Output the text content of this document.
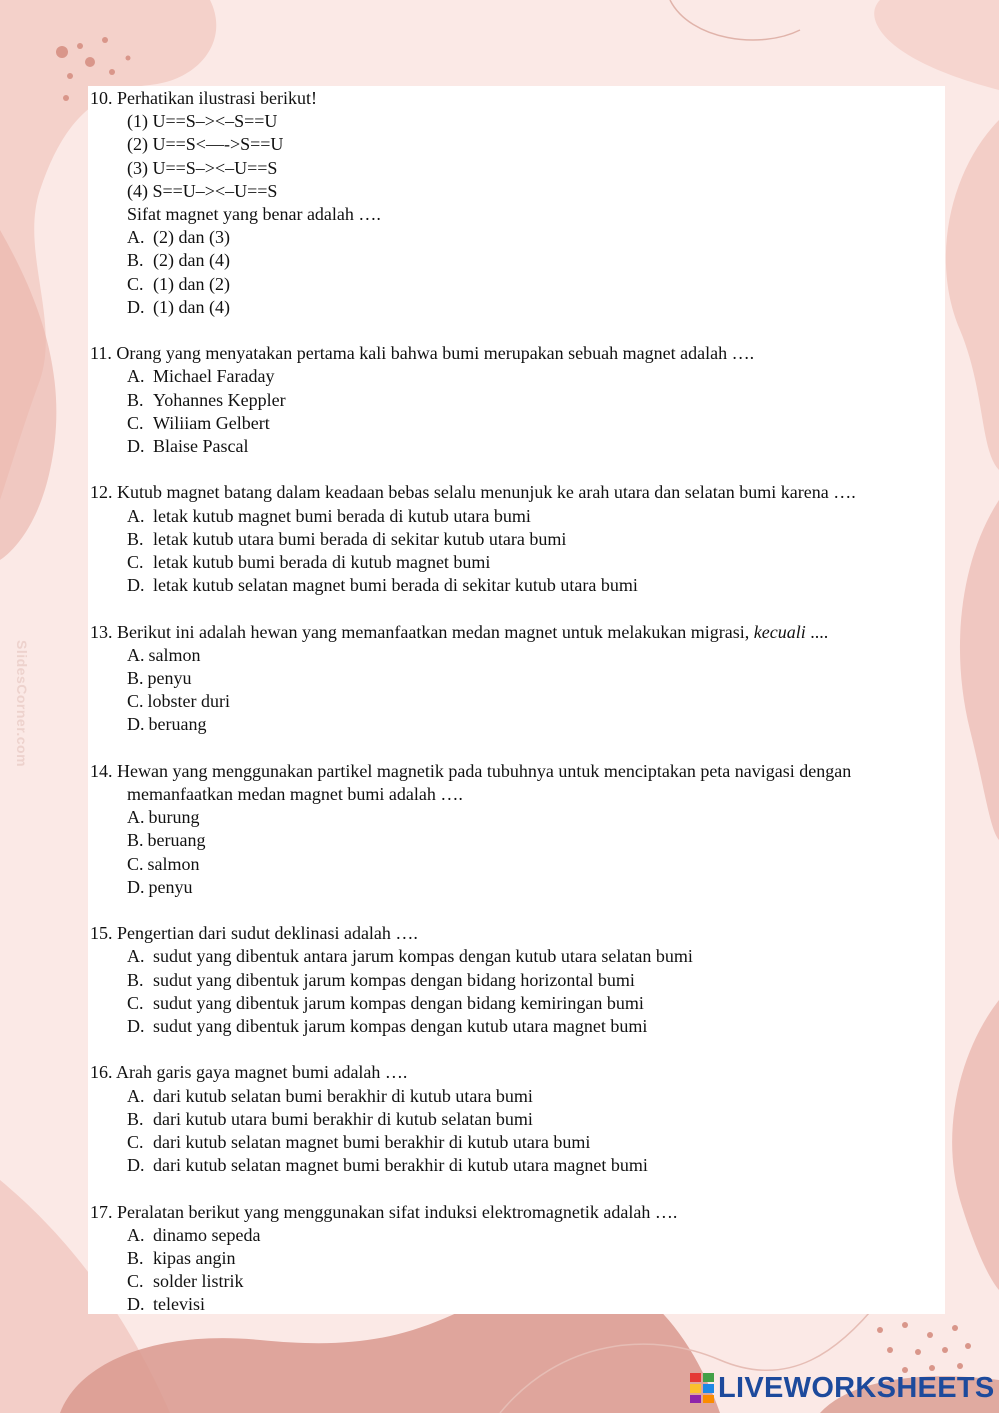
SlidesCorner.com
10. Perhatikan ilustrasi berikut!
(1) U==S–><–S==U
(2) U==S<—->S==U
(3) U==S–><–U==S
(4) S==U–><–U==S
Sifat magnet yang benar adalah ….
A. (2) dan (3)
B. (2) dan (4)
C. (1) dan (2)
D. (1) dan (4)
11. Orang yang menyatakan pertama kali bahwa bumi merupakan sebuah magnet adalah ….
A. Michael Faraday
B. Yohannes Keppler
C. Wiliiam Gelbert
D. Blaise Pascal
12. Kutub magnet batang dalam keadaan bebas selalu menunjuk ke arah utara dan selatan bumi karena ….
A. letak kutub magnet bumi berada di kutub utara bumi
B. letak kutub utara bumi berada di sekitar kutub utara bumi
C. letak kutub bumi berada di kutub magnet bumi
D. letak kutub selatan magnet bumi berada di sekitar kutub utara bumi
13. Berikut ini adalah hewan yang memanfaatkan medan magnet untuk melakukan migrasi, kecuali ....
A. salmon
B. penyu
C. lobster duri
D. beruang
14. Hewan yang menggunakan partikel magnetik pada tubuhnya untuk menciptakan peta navigasi dengan
memanfaatkan medan magnet bumi adalah ….
A. burung
B. beruang
C. salmon
D. penyu
15. Pengertian dari sudut deklinasi adalah ….
A. sudut yang dibentuk antara jarum kompas dengan kutub utara selatan bumi
B. sudut yang dibentuk jarum kompas dengan bidang horizontal bumi
C. sudut yang dibentuk jarum kompas dengan bidang kemiringan bumi
D. sudut yang dibentuk jarum kompas dengan kutub utara magnet bumi
16. Arah garis gaya magnet bumi adalah ….
A. dari kutub selatan bumi berakhir di kutub utara bumi
B. dari kutub utara bumi berakhir di kutub selatan bumi
C. dari kutub selatan magnet bumi berakhir di kutub utara bumi
D. dari kutub selatan magnet bumi berakhir di kutub utara magnet bumi
17. Peralatan berikut yang menggunakan sifat induksi elektromagnetik adalah ….
A. dinamo sepeda
B. kipas angin
C. solder listrik
D. televisi
LIVEWORKSHEETS
